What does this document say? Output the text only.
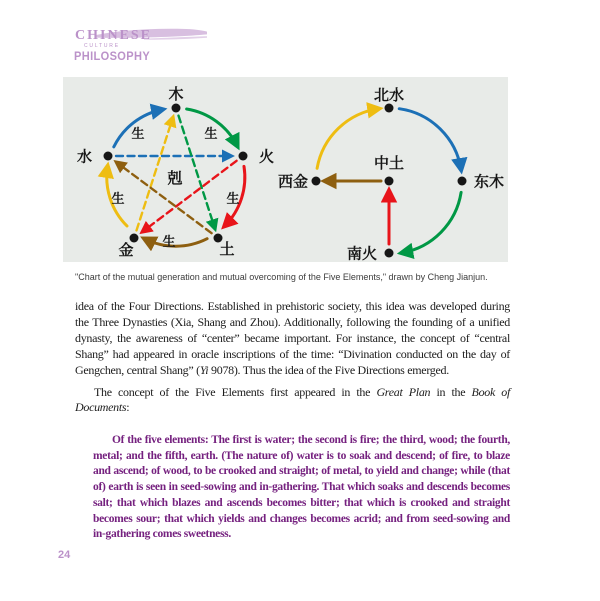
CHINESE
CULTURE
PHILOSOPHY
木
火
水
金	土
生	生
生
生
生
剋
北水
东木
南火
西金
中土
"Chart of the mutual generation and mutual overcoming of the Five Elements," drawn by Cheng Jianjun.

idea of the Four Directions. Established in prehistoric society, this idea was developed during the Three Dynasties (Xia, Shang and Zhou). Additionally, following the founding of a unified dynasty, the awareness of “center” became important. For instance, the concept of “central Shang” had appeared in oracle inscriptions of the time: “Divination conducted on the day of Gengchen, central Shang” (Yi 9078). Thus the idea of the Five Directions emerged.

The concept of the Five Elements first appeared in the Great Plan in the Book of Documents:

Of the five elements: The first is water; the second is fire; the third, wood; the fourth, metal; and the fifth, earth. (The nature of) water is to soak and descend; of fire, to blaze and ascend; of wood, to be crooked and straight; of metal, to yield and change; while (that of) earth is seen in seed-sowing and in-gathering. That which soaks and descends becomes salt; that which blazes and ascends becomes bitter; that which is crooked and straight becomes sour; that which yields and changes becomes acrid; and from seed-sowing and in-gathering comes sweetness.
24
